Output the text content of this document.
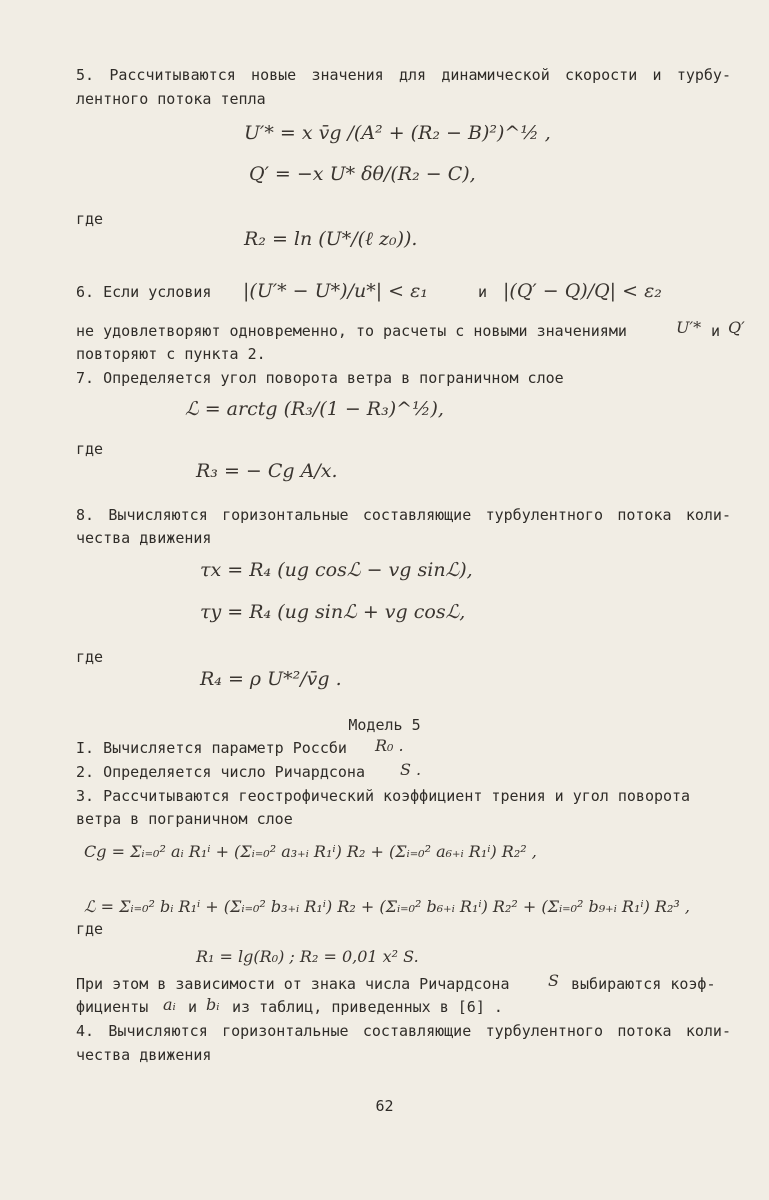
5. Рассчитываются новые значения для динамической скорости и турбу-
лентного потока тепла
U′* = x v̄g /(A² + (R₂ − B)²)^½ ,
Q′ = −x U* δθ/(R₂ − C),
где
R₂ = ln (U*/(ℓ z₀)).
6. Если условия |(U′* − U*)/u*| < ε₁	и |(Q′ − Q)/Q| < ε₂
не удовлетворяют одновременно, то расчеты с новыми значениями	U′* и Q′
повторяют с пункта 2.
7. Определяется угол поворота ветра в пограничном слое
ℒ = arctg (R₃/(1 − R₃)^½),
где
R₃ = − Cg A/x.
8. Вычисляются горизонтальные составляющие турбулентного потока коли-
чества движения
τx = R₄ (ug cosℒ − vg sinℒ),
τy = R₄ (ug sinℒ + vg cosℒ,
где
R₄ = ρ U*²/v̄g .
Модель 5
I. Вычисляется параметр Россби R₀ .
2. Определяется число Ричардсона S .
3. Рассчитываются геострофический коэффициент трения и угол поворота
ветра в пограничном слое
Cg = Σᵢ₌₀² aᵢ R₁ⁱ + (Σᵢ₌₀² a₃₊ᵢ R₁ⁱ) R₂ + (Σᵢ₌₀² a₆₊ᵢ R₁ⁱ) R₂² ,
ℒ = Σᵢ₌₀² bᵢ R₁ⁱ + (Σᵢ₌₀² b₃₊ᵢ R₁ⁱ) R₂ + (Σᵢ₌₀² b₆₊ᵢ R₁ⁱ) R₂² + (Σᵢ₌₀² b₉₊ᵢ R₁ⁱ) R₂³ ,
где
R₁ = lg(R₀) ; R₂ = 0,01 x² S.
При этом в зависимости от знака числа Ричардсона S выбираются коэф-
фициенты aᵢ и bᵢ из таблиц, приведенных в [6] .
4. Вычисляются горизонтальные составляющие турбулентного потока коли-
чества движения
62
